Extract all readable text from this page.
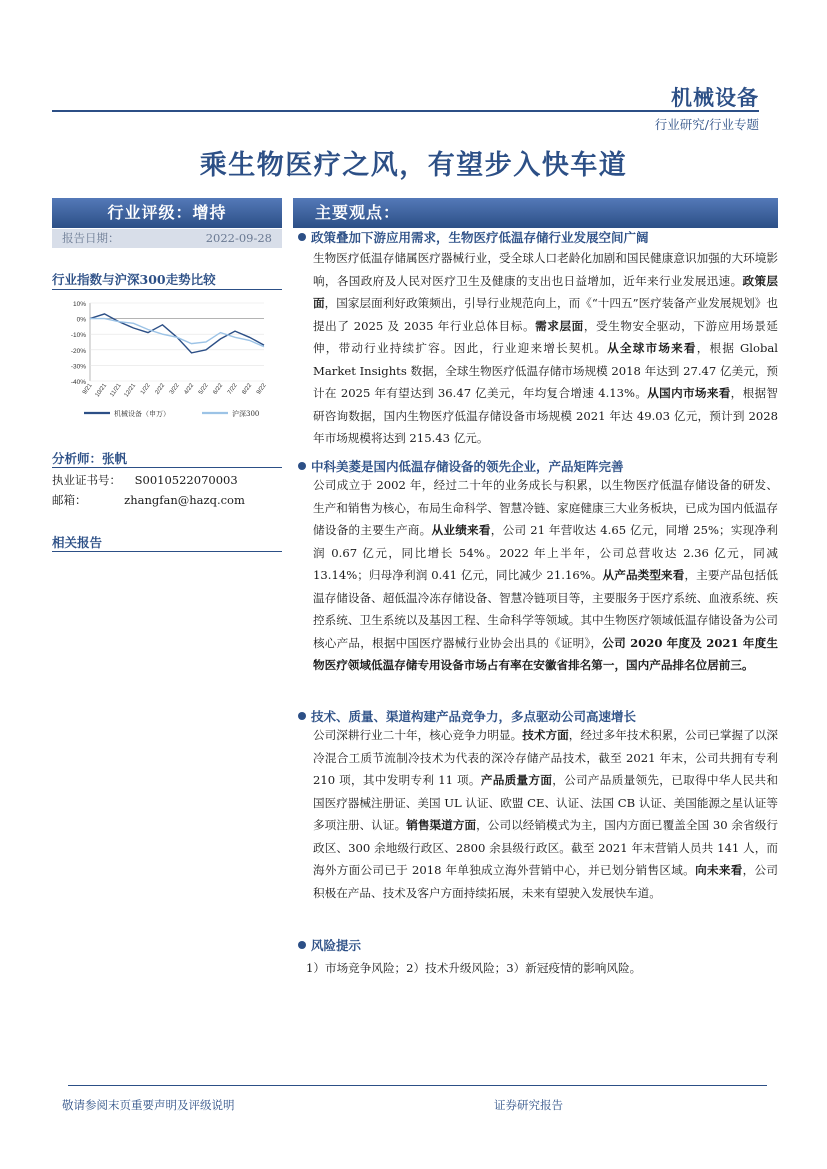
机械设备
行业研究/行业专题
乘生物医疗之风，有望步入快车道
行业评级：增持
报告日期：	2022-09-28
行业指数与沪深300走势比较
10%
0%
-10%
-20%
-30%
-40%
9/21 10/21 11/21 12/21 1/22 2/22 3/22 4/22 5/22 6/22 7/22 8/22 9/22
机械设备（申万）	沪深300
分析师：张帆
执业证书号： S0010522070003
邮箱：	zhangfan@hazq.com
相关报告
主要观点：
政策叠加下游应用需求，生物医疗低温存储行业发展空间广阔
生物医疗低温存储属医疗器械行业，受全球人口老龄化加剧和国民健康意识加强的大环境影响，各国政府及人民对医疗卫生及健康的支出也日益增加，近年来行业发展迅速。政策层面，国家层面利好政策频出，引导行业规范向上，而《“十四五”医疗装备产业发展规划》也提出了 2025 及 2035 年行业总体目标。需求层面，受生物安全驱动，下游应用场景延伸，带动行业持续扩容。因此，行业迎来增长契机。从全球市场来看，根据 Global Market Insights 数据，全球生物医疗低温存储市场规模 2018 年达到 27.47 亿美元，预计在 2025 年有望达到 36.47 亿美元，年均复合增速 4.13%。从国内市场来看，根据智研咨询数据，国内生物医疗低温存储设备市场规模 2021 年达 49.03 亿元，预计到 2028 年市场规模将达到 215.43 亿元。
中科美菱是国内低温存储设备的领先企业，产品矩阵完善
公司成立于 2002 年，经过二十年的业务成长与积累，以生物医疗低温存储设备的研发、生产和销售为核心，布局生命科学、智慧冷链、家庭健康三大业务板块，已成为国内低温存储设备的主要生产商。从业绩来看，公司 21 年营收达 4.65 亿元，同增 25%；实现净利润 0.67 亿元，同比增长 54%。2022 年上半年，公司总营收达 2.36 亿元，同减 13.14%；归母净利润 0.41 亿元，同比减少 21.16%。从产品类型来看，主要产品包括低温存储设备、超低温冷冻存储设备、智慧冷链项目等，主要服务于医疗系统、血液系统、疾控系统、卫生系统以及基因工程、生命科学等领域。其中生物医疗领域低温存储设备为公司核心产品，根据中国医疗器械行业协会出具的《证明》，公司 2020 年度及 2021 年度生物医疗领域低温存储专用设备市场占有率在安徽省排名第一，国内产品排名位居前三。
技术、质量、渠道构建产品竞争力，多点驱动公司高速增长
公司深耕行业二十年，核心竞争力明显。技术方面，经过多年技术积累，公司已掌握了以深冷混合工质节流制冷技术为代表的深冷存储产品技术，截至 2021 年末，公司共拥有专利 210 项，其中发明专利 11 项。产品质量方面，公司产品质量领先，已取得中华人民共和国医疗器械注册证、美国 UL 认证、欧盟 CE、认证、法国 CB 认证、美国能源之星认证等多项注册、认证。销售渠道方面，公司以经销模式为主，国内方面已覆盖全国 30 余省级行政区、300 余地级行政区、2800 余县级行政区。截至 2021 年末营销人员共 141 人，而海外方面公司已于 2018 年单独成立海外营销中心，并已划分销售区域。向未来看，公司积极在产品、技术及客户方面持续拓展，未来有望驶入发展快车道。
风险提示
1）市场竞争风险；2）技术升级风险；3）新冠疫情的影响风险。
敬请参阅末页重要声明及评级说明	证券研究报告
